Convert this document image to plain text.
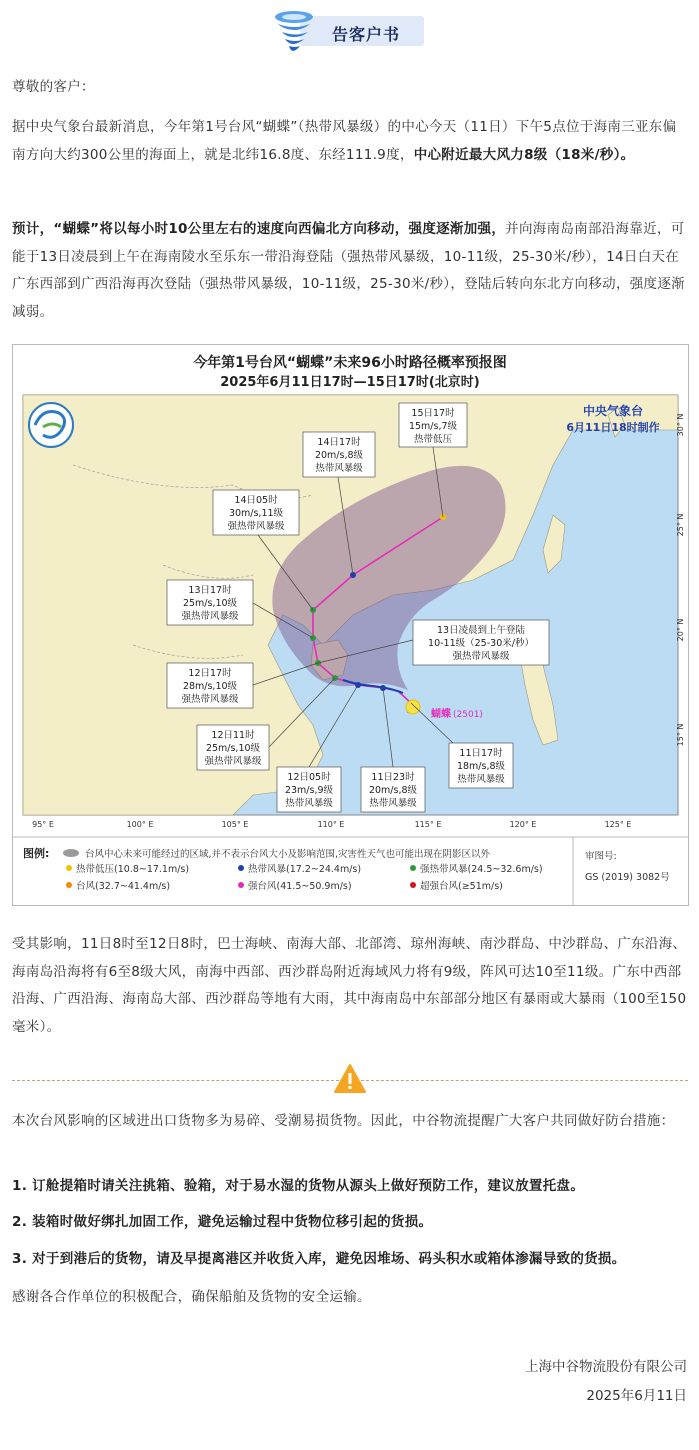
告客户书

尊敬的客户：

据中央气象台最新消息，今年第1号台风“蝴蝶”（热带风暴级）的中心今天（11日）下午5点位于海南三亚东偏南方向大约300公里的海面上，就是北纬16.8度、东经111.9度，中心附近最大风力8级（18米/秒）。

预计，“蝴蝶”将以每小时10公里左右的速度向西偏北方向移动，强度逐渐加强，并向海南岛南部沿海靠近，可能于13日凌晨到上午在海南陵水至乐东一带沿海登陆（强热带风暴级，10-11级，25-30米/秒），14日白天在广东西部到广西沿海再次登陆（强热带风暴级，10-11级，25-30米/秒），登陆后转向东北方向移动，强度逐渐减弱。

今年第1号台风“蝴蝶”未来96小时路径概率预报图
2025年6月11日17时—15日17时(北京时)
蝴蝶 (2501)
中央气象台
6月11日18时制作
15日17时
15m/s,7级
热带低压
14日17时
20m/s,8级
热带风暴级
14日05时
30m/s,11级
强热带风暴级
13日17时
25m/s,10级
强热带风暴级
13日凌晨到上午登陆
10-11级（25-30米/秒）
强热带风暴级
12日17时
28m/s,10级
强热带风暴级
12日11时
25m/s,10级
强热带风暴级
12日05时
23m/s,9级
热带风暴级
11日23时
20m/s,8级
热带风暴级
11日17时
18m/s,8级
热带风暴级
95° E	100° E	105° E	110° E	115° E	120° E	125° E
30° N
25° N
20° N
15° N
图例:	台风中心未来可能经过的区域,并不表示台风大小及影响范围,灾害性天气也可能出现在阴影区以外
热带低压(10.8~17.1m/s)	热带风暴(17.2~24.4m/s)	强热带风暴(24.5~32.6m/s)
台风(32.7~41.4m/s)	强台风(41.5~50.9m/s)	超强台风(≥51m/s)
审图号:
GS (2019) 3082号

受其影响，11日8时至12日8时，巴士海峡、南海大部、北部湾、琼州海峡、南沙群岛、中沙群岛、广东沿海、海南岛沿海将有6至8级大风，南海中西部、西沙群岛附近海域风力将有9级，阵风可达10至11级。广东中西部沿海、广西沿海、海南岛大部、西沙群岛等地有大雨，其中海南岛中东部部分地区有暴雨或大暴雨（100至150毫米）。

本次台风影响的区域进出口货物多为易碎、受潮易损货物。因此，中谷物流提醒广大客户共同做好防台措施：

1. 订舱提箱时请关注挑箱、验箱，对于易水湿的货物从源头上做好预防工作，建议放置托盘。

2. 装箱时做好绑扎加固工作，避免运输过程中货物位移引起的货损。

3. 对于到港后的货物，请及早提离港区并收货入库，避免因堆场、码头积水或箱体渗漏导致的货损。

感谢各合作单位的积极配合，确保船舶及货物的安全运输。

上海中谷物流股份有限公司
2025年6月11日
